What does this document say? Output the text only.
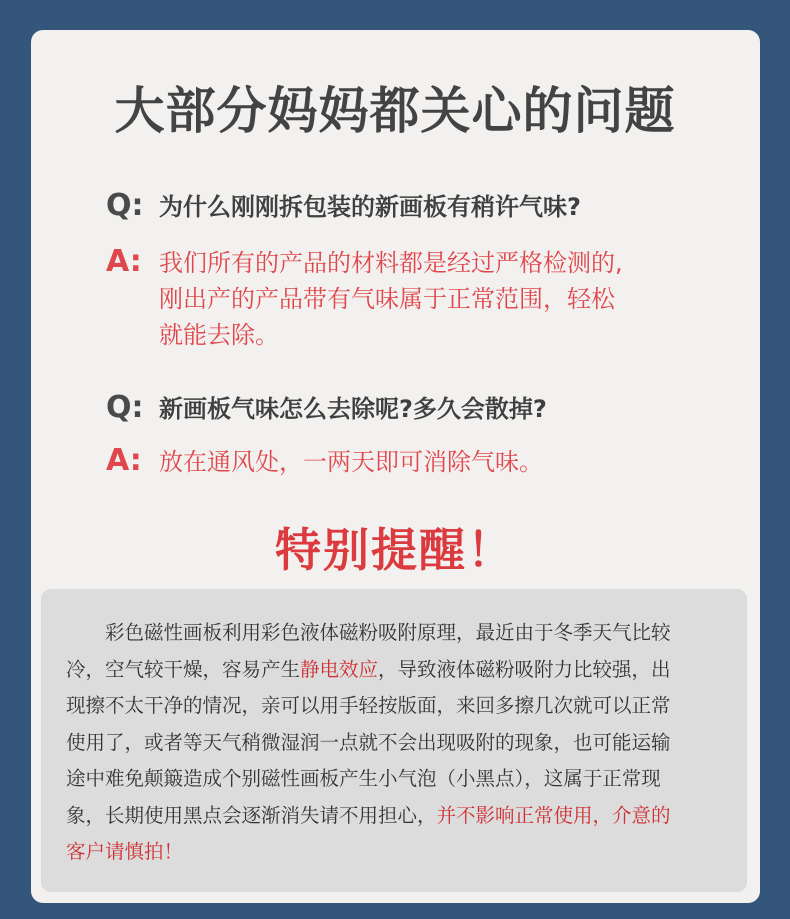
大部分妈妈都关心的问题
Q: 为什么刚刚拆包装的新画板有稍许气味?
A: 我们所有的产品的材料都是经过严格检测的,
刚出产的产品带有气味属于正常范围，轻松
就能去除。
Q: 新画板气味怎么去除呢?多久会散掉?
A: 放在通风处，一两天即可消除气味。
特别提醒！
彩色磁性画板利用彩色液体磁粉吸附原理，最近由于冬季天气比较
冷，空气较干燥，容易产生静电效应，导致液体磁粉吸附力比较强，出
现擦不太干净的情况，亲可以用手轻按版面，来回多擦几次就可以正常
使用了，或者等天气稍微湿润一点就不会出现吸附的现象，也可能运输
途中难免颠簸造成个别磁性画板产生小气泡（小黑点），这属于正常现
象，长期使用黑点会逐渐消失请不用担心，并不影响正常使用，介意的
客户请慎拍！
